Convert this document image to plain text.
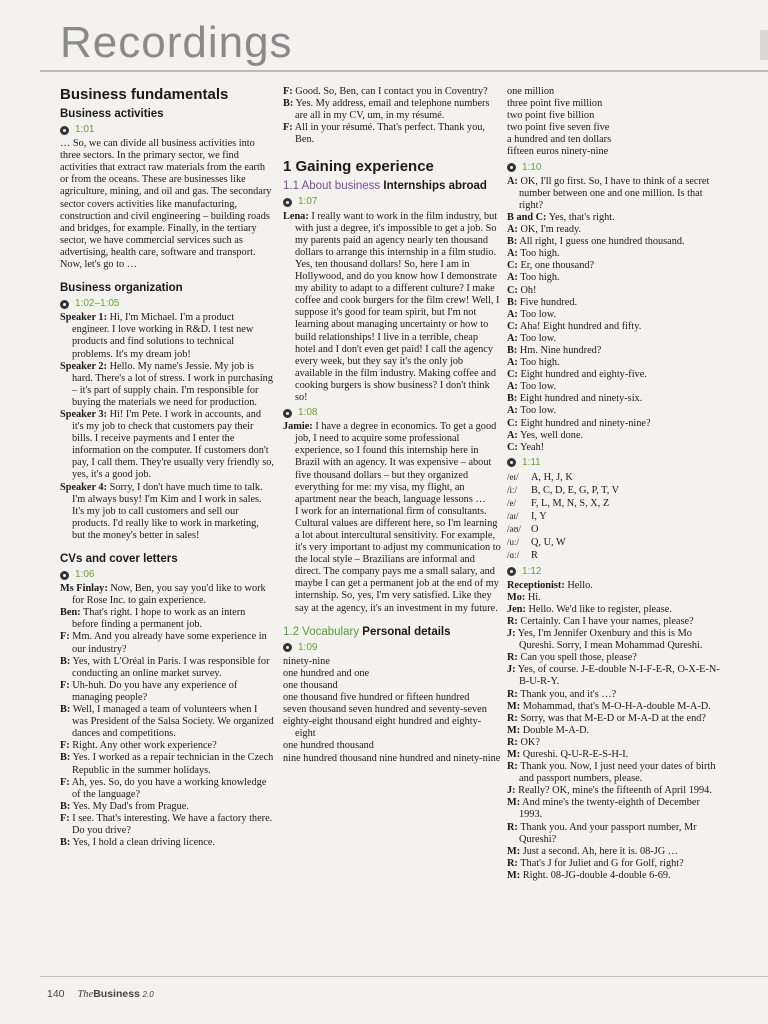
Recordings
Business fundamentals
Business activities
1:01

… So, we can divide all business activities into three sectors. In the primary sector, we find activities that extract raw materials from the earth or from the oceans. These are businesses like agriculture, mining, and oil and gas. The secondary sector covers activities like manufacturing, construction and civil engineering – building roads and bridges, for example. Finally, in the tertiary sector, we have commercial services such as advertising, health care, software and transport. Now, let's go to …

Business organization
1:02–1:05

Speaker 1: Hi, I'm Michael. I'm a product engineer. I love working in R&D. I test new products and find solutions to technical problems. It's my dream job!

Speaker 2: Hello. My name's Jessie. My job is hard. There's a lot of stress. I work in purchasing – it's part of supply chain. I'm responsible for buying the materials we need for production.

Speaker 3: Hi! I'm Pete. I work in accounts, and it's my job to check that customers pay their bills. I receive payments and I enter the information on the computer. If customers don't pay, I call them. They're usually very friendly so, yes, it's a good job.

Speaker 4: Sorry, I don't have much time to talk. I'm always busy! I'm Kim and I work in sales. It's my job to call customers and sell our products. I'd really like to work in marketing, but the money's better in sales!

CVs and cover letters
1:06

Ms Finlay: Now, Ben, you say you'd like to work for Rose Inc. to gain experience.

Ben: That's right. I hope to work as an intern before finding a permanent job.

F: Mm. And you already have some experience in our industry?

B: Yes, with L'Oréal in Paris. I was responsible for conducting an online market survey.

F: Uh-huh. Do you have any experience of managing people?

B: Well, I managed a team of volunteers when I was President of the Salsa Society. We organized dances and competitions.

F: Right. Any other work experience?

B: Yes. I worked as a repair technician in the Czech Republic in the summer holidays.

F: Ah, yes. So, do you have a working knowledge of the language?

B: Yes. My Dad's from Prague.

F: I see. That's interesting. We have a factory there. Do you drive?

B: Yes, I hold a clean driving licence.

F: Good. So, Ben, can I contact you in Coventry?

B: Yes. My address, email and telephone numbers are all in my CV, um, in my résumé.

F: All in your résumé. That's perfect. Thank you, Ben.

1 Gaining experience
1.1 About business Internships abroad
1:07

Lena: I really want to work in the film industry, but with just a degree, it's impossible to get a job. So my parents paid an agency nearly ten thousand dollars to arrange this internship in a film studio. Yes, ten thousand dollars! So, here I am in Hollywood, and do you know how I demonstrate my ability to adapt to a different culture? I make coffee and cook burgers for the film crew! Well, I suppose it's good for team spirit, but I'm not learning about managing uncertainty or how to build relationships! I live in a terrible, cheap hotel and I don't even get paid! I call the agency every week, but they say it's the only job available in the film industry. Making coffee and cooking burgers is show business? I don't think so!

1:08

Jamie: I have a degree in economics. To get a good job, I need to acquire some professional experience, so I found this internship here in Brazil with an agency. It was expensive – about five thousand dollars – but they organized everything for me: my visa, my flight, an apartment near the beach, language lessons …

I work for an international firm of consultants. Cultural values are different here, so I'm learning a lot about intercultural sensitivity. For example, it's very important to adjust my communication to the local style – Brazilians are informal and direct. The company pays me a small salary, and maybe I can get a permanent job at the end of my internship. So, yes, I'm very satisfied. Like they say at the agency, it's an investment in my future.

1.2 Vocabulary Personal details
1:09

ninety-nine

one hundred and one

one thousand

one thousand five hundred or fifteen hundred

seven thousand seven hundred and seventy-seven

eighty-eight thousand eight hundred and eighty-eight

one hundred thousand

nine hundred thousand nine hundred and ninety-nine

one million

three point five million

two point five billion

two point five seven five

a hundred and ten dollars

fifteen euros ninety-nine

1:10

A: OK, I'll go first. So, I have to think of a secret number between one and one million. Is that right?

B and C: Yes, that's right.

A: OK, I'm ready.

B: All right, I guess one hundred thousand.

A: Too high.

C: Er, one thousand?

A: Too high.

C: Oh!

B: Five hundred.

A: Too low.

C: Aha! Eight hundred and fifty.

A: Too low.

B: Hm. Nine hundred?

A: Too high.

C: Eight hundred and eighty-five.

A: Too low.

B: Eight hundred and ninety-six.

A: Too low.

C: Eight hundred and ninety-nine?

A: Yes, well done.

C: Yeah!

1:11

/eɪ/ A, H, J, K

/iː/ B, C, D, E, G, P, T, V

/e/ F, L, M, N, S, X, Z

/aɪ/ I, Y

/əʊ/ O

/uː/ Q, U, W

/ɑː/ R

1:12

Receptionist: Hello.

Mo: Hi.

Jen: Hello. We'd like to register, please.

R: Certainly. Can I have your names, please?

J: Yes, I'm Jennifer Oxenbury and this is Mo Qureshi. Sorry, I mean Mohammad Qureshi.

R: Can you spell those, please?

J: Yes, of course. J-E-double N-I-F-E-R, O-X-E-N-B-U-R-Y.

R: Thank you, and it's …?

M: Mohammad, that's M-O-H-A-double M-A-D.

R: Sorry, was that M-E-D or M-A-D at the end?

M: Double M-A-D.

R: OK?

M: Qureshi. Q-U-R-E-S-H-I.

R: Thank you. Now, I just need your dates of birth and passport numbers, please.

J: Really? OK, mine's the fifteenth of April 1994.

M: And mine's the twenty-eighth of December 1993.

R: Thank you. And your passport number, Mr Qureshi?

M: Just a second. Ah, here it is. 08-JG …

R: That's J for Juliet and G for Golf, right?

M: Right. 08-JG-double 4-double 6-69.

140 TheBusiness 2.0
